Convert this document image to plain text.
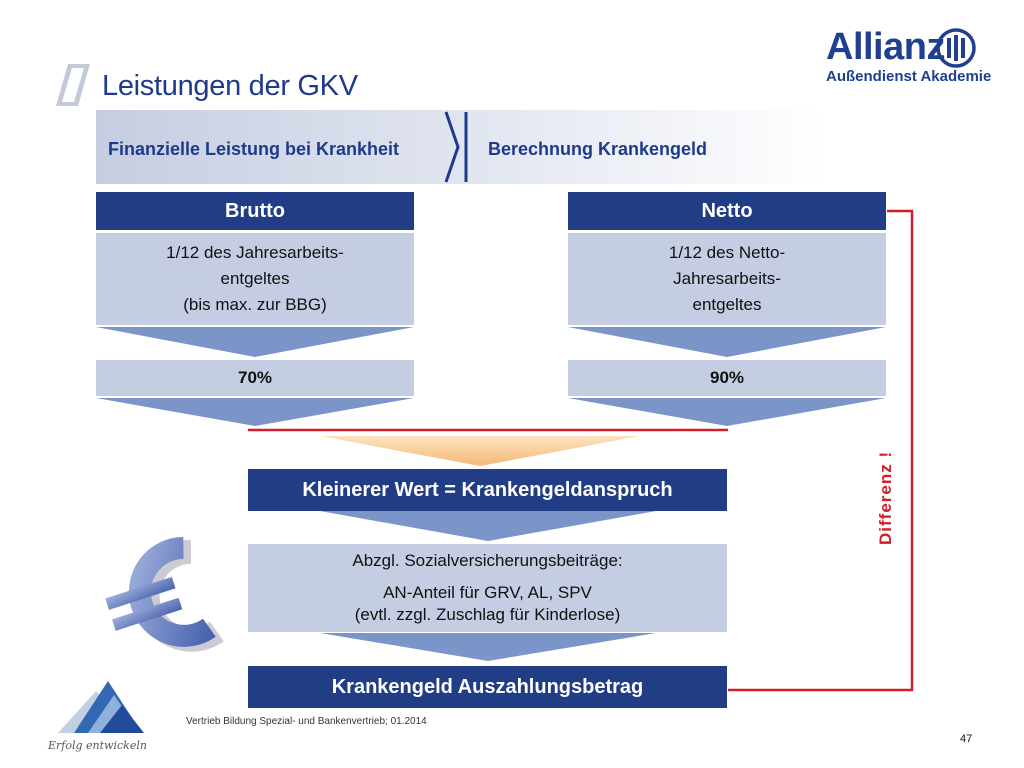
Leistungen der GKV
Allianz
Außendienst Akademie
Finanzielle Leistung bei Krankheit	Berechnung Krankengeld
Brutto
1/12 des Jahresarbeits-
entgeltes
(bis max. zur BBG)
70%
Netto
1/12 des Netto-
Jahresarbeits-
entgeltes
90%
Differenz !
Kleinerer Wert = Krankengeldanspruch
Abzgl. Sozialversicherungsbeiträge:
AN-Anteil für GRV, AL, SPV
(evtl. zzgl. Zuschlag für Kinderlose)
Krankengeld Auszahlungsbetrag
Erfolg entwickeln
Vertrieb Bildung Spezial- und Bankenvertrieb; 01.2014
47
